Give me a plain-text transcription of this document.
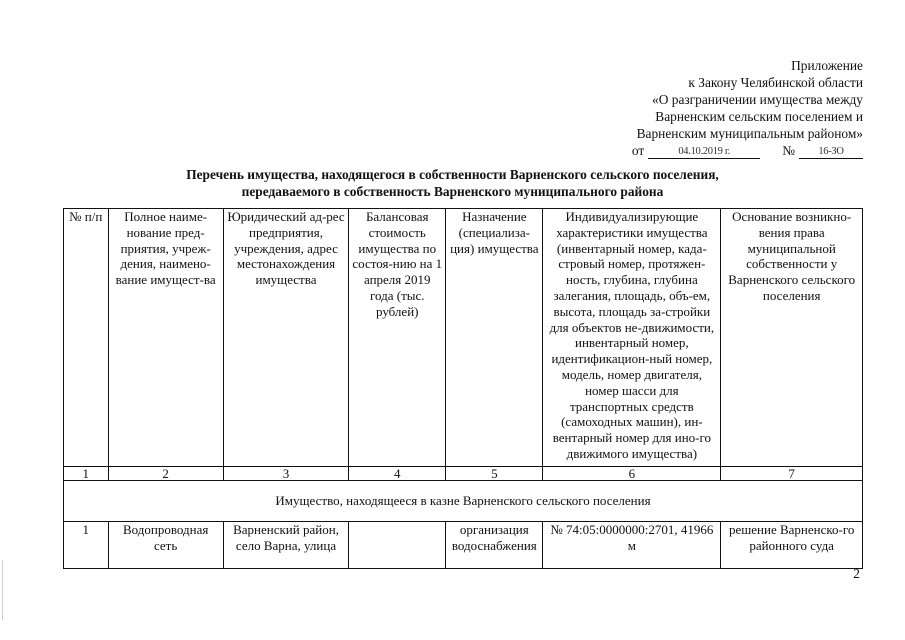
Приложение
к Закону Челябинской области
«О разграничении имущества между
Варненским сельским поселением и
Варненским муниципальным районом»
от	04.10.2019 г.	№	16-ЗО
Перечень имущества, находящегося в собственности Варненского сельского поселения,
передаваемого в собственность Варненского муниципального района
№ п/п	Полное наиме-нование пред-приятия, учреж-дения, наимено-вание имущест-ва	Юридический ад-рес предприятия, учреждения, адрес местонахождения имущества	Балансовая стоимость имущества по состоя-нию на 1 апреля 2019 года (тыс. рублей)	Назначение (специализа-ция) имущества	Индивидуализирующие характеристики имущества (инвентарный номер, када-стровый номер, протяжен-ность, глубина, глубина залегания, площадь, объ-ем, высота, площадь за-стройки для объектов не-движимости, инвентарный номер, идентификацион-ный номер, модель, номер двигателя, номер шасси для транспортных средств (самоходных машин), ин-вентарный номер для ино-го движимого имущества)	Основание возникно-вения права муниципальной собственности у Варненского сельского поселения
1	2	3	4	5	6	7
Имущество, находящееся в казне Варненского сельского поселения						
1	Водопроводная сеть	Варненский район, село Варна, улица		организация водоснабжения	№ 74:05:0000000:2701, 41966 м	решение Варненско-го районного суда
2
